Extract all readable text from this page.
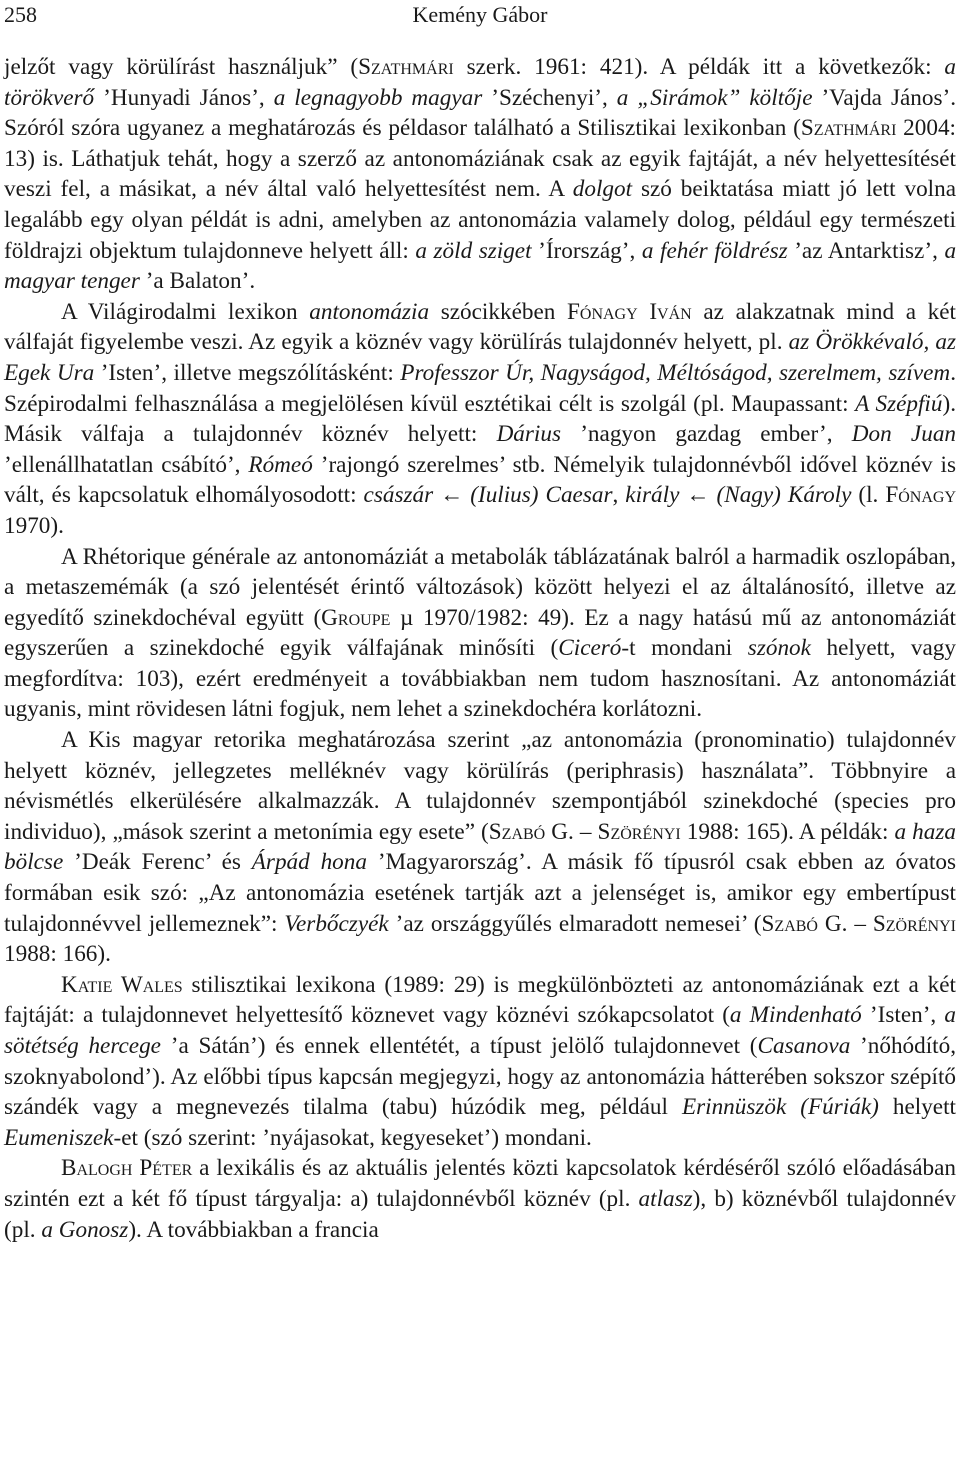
258	Kemény Gábor

jelzőt vagy körülírást használjuk” (Szathmári szerk. 1961: 421). A példák itt a következők: a törökverő ’Hunyadi János’, a legnagyobb magyar ’Széchenyi’, a „Sirámok” költője ’Vajda János’. Szóról szóra ugyanez a meghatározás és példasor található a Stilisztikai lexikonban (Szathmári 2004: 13) is. Láthatjuk tehát, hogy a szerző az antonomáziának csak az egyik fajtáját, a név helyettesítését veszi fel, a másikat, a név által való helyettesítést nem. A dolgot szó beiktatása miatt jó lett volna legalább egy olyan példát is adni, amelyben az antonomázia valamely dolog, például egy természeti földrajzi objektum tulajdonneve helyett áll: a zöld sziget ’Írország’, a fehér földrész ’az Antarktisz’, a magyar tenger ’a Balaton’.

A Világirodalmi lexikon antonomázia szócikkében Fónagy Iván az alakzatnak mind a két válfaját figyelembe veszi. Az egyik a köznév vagy körülírás tulajdonnév helyett, pl. az Örökkévaló, az Egek Ura ’Isten’, illetve megszólításként: Professzor Úr, Nagyságod, Méltóságod, szerelmem, szívem. Szépirodalmi felhasználása a megjelölésen kívül esztétikai célt is szolgál (pl. Maupassant: A Szépfiú). Másik válfaja a tulajdonnév köznév helyett: Dárius ’nagyon gazdag ember’, Don Juan ’ellenállhatatlan csábító’, Rómeó ’rajongó szerelmes’ stb. Némelyik tulajdonnévből idővel köznév is vált, és kapcsolatuk elhomályosodott: császár ← (Iulius) Caesar, király ← (Nagy) Károly (l. Fónagy 1970).

A Rhétorique générale az antonomáziát a metabolák táblázatának balról a harmadik oszlopában, a metaszemémák (a szó jelentését érintő változások) között helyezi el az általánosító, illetve az egyedítő szinekdochéval együtt (Groupe µ 1970/1982: 49). Ez a nagy hatású mű az antonomáziát egyszerűen a szinekdoché egyik válfajának minősíti (Ciceró-t mondani szónok helyett, vagy megfordítva: 103), ezért eredményeit a továbbiakban nem tudom hasznosítani. Az antonomáziát ugyanis, mint rövidesen látni fogjuk, nem lehet a szinekdochéra korlátozni.

A Kis magyar retorika meghatározása szerint „az antonomázia (pronominatio) tulajdonnév helyett köznév, jellegzetes melléknév vagy körülírás (periphrasis) használata”. Többnyire a névismétlés elkerülésére alkalmazzák. A tulajdonnév szempontjából szinekdoché (species pro individuo), „mások szerint a metonímia egy esete” (Szabó G. – Szörényi 1988: 165). A példák: a haza bölcse ’Deák Ferenc’ és Árpád hona ’Magyarország’. A másik fő típusról csak ebben az óvatos formában esik szó: „Az antonomázia esetének tartják azt a jelenséget is, amikor egy embertípust tulajdonnévvel jellemeznek”: Verbőczyék ’az országgyűlés elmaradott nemesei’ (Szabó G. – Szörényi 1988: 166).

Katie Wales stilisztikai lexikona (1989: 29) is megkülönbözteti az antonomáziának ezt a két fajtáját: a tulajdonnevet helyettesítő köznevet vagy köznévi szókapcsolatot (a Mindenható ’Isten’, a sötétség hercege ’a Sátán’) és ennek ellentétét, a típust jelölő tulajdonnevet (Casanova ’nőhódító, szoknyabolond’). Az előbbi típus kapcsán megjegyzi, hogy az antonomázia hátterében sokszor szépítő szándék vagy a megnevezés tilalma (tabu) húzódik meg, például Erinnüszök (Fúriák) helyett Eumeniszek-et (szó szerint: ’nyájasokat, kegyeseket’) mondani.

Balogh Péter a lexikális és az aktuális jelentés közti kapcsolatok kérdéséről szóló előadásában szintén ezt a két fő típust tárgyalja: a) tulajdonnévből köznév (pl. atlasz), b) köznévből tulajdonnév (pl. a Gonosz). A továbbiakban a francia
